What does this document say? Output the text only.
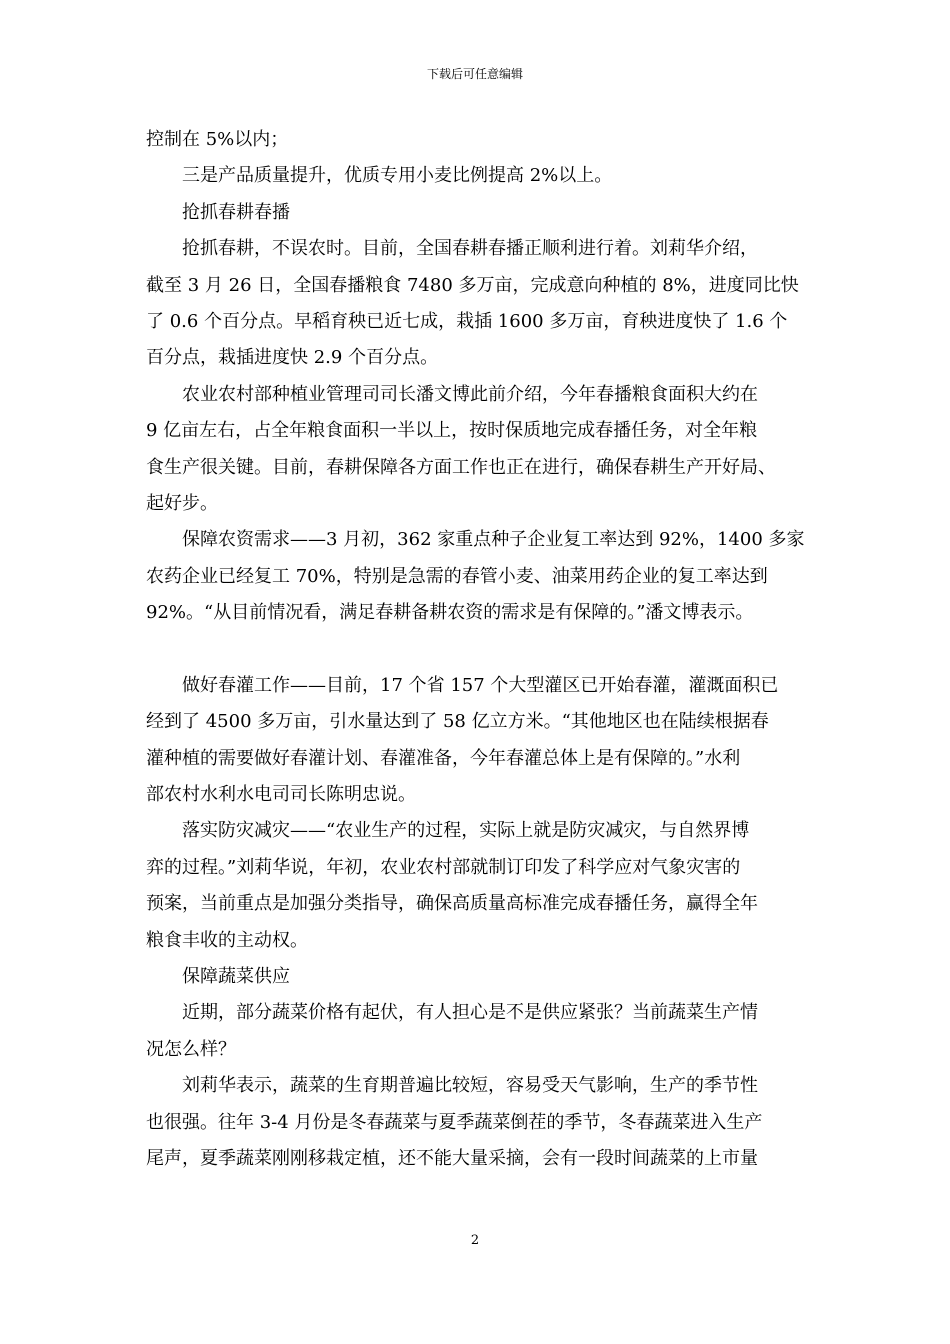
下载后可任意编辑
控制在 5%以内；
三是产品质量提升，优质专用小麦比例提高 2%以上。
抢抓春耕春播
抢抓春耕，不误农时。目前，全国春耕春播正顺利进行着。刘莉华介绍，
截至 3 月 26 日，全国春播粮食 7480 多万亩，完成意向种植的 8%，进度同比快
了 0.6 个百分点。早稻育秧已近七成，栽插 1600 多万亩，育秧进度快了 1.6 个
百分点，栽插进度快 2.9 个百分点。
农业农村部种植业管理司司长潘文博此前介绍，今年春播粮食面积大约在
9 亿亩左右，占全年粮食面积一半以上，按时保质地完成春播任务，对全年粮
食生产很关键。目前，春耕保障各方面工作也正在进行，确保春耕生产开好局、
起好步。
保障农资需求——3 月初，362 家重点种子企业复工率达到 92%，1400 多家
农药企业已经复工 70%，特别是急需的春管小麦、油菜用药企业的复工率达到
92%。“从目前情况看，满足春耕备耕农资的需求是有保障的。”潘文博表示。
做好春灌工作——目前，17 个省 157 个大型灌区已开始春灌，灌溉面积已
经到了 4500 多万亩，引水量达到了 58 亿立方米。“其他地区也在陆续根据春
灌种植的需要做好春灌计划、春灌准备，今年春灌总体上是有保障的。”水利
部农村水利水电司司长陈明忠说。
落实防灾减灾——“农业生产的过程，实际上就是防灾减灾，与自然界博
弈的过程。”刘莉华说，年初，农业农村部就制订印发了科学应对气象灾害的
预案，当前重点是加强分类指导，确保高质量高标准完成春播任务，赢得全年
粮食丰收的主动权。
保障蔬菜供应
近期，部分蔬菜价格有起伏，有人担心是不是供应紧张？当前蔬菜生产情
况怎么样？
刘莉华表示，蔬菜的生育期普遍比较短，容易受天气影响，生产的季节性
也很强。往年 3-4 月份是冬春蔬菜与夏季蔬菜倒茬的季节，冬春蔬菜进入生产
尾声，夏季蔬菜刚刚移栽定植，还不能大量采摘，会有一段时间蔬菜的上市量
2
